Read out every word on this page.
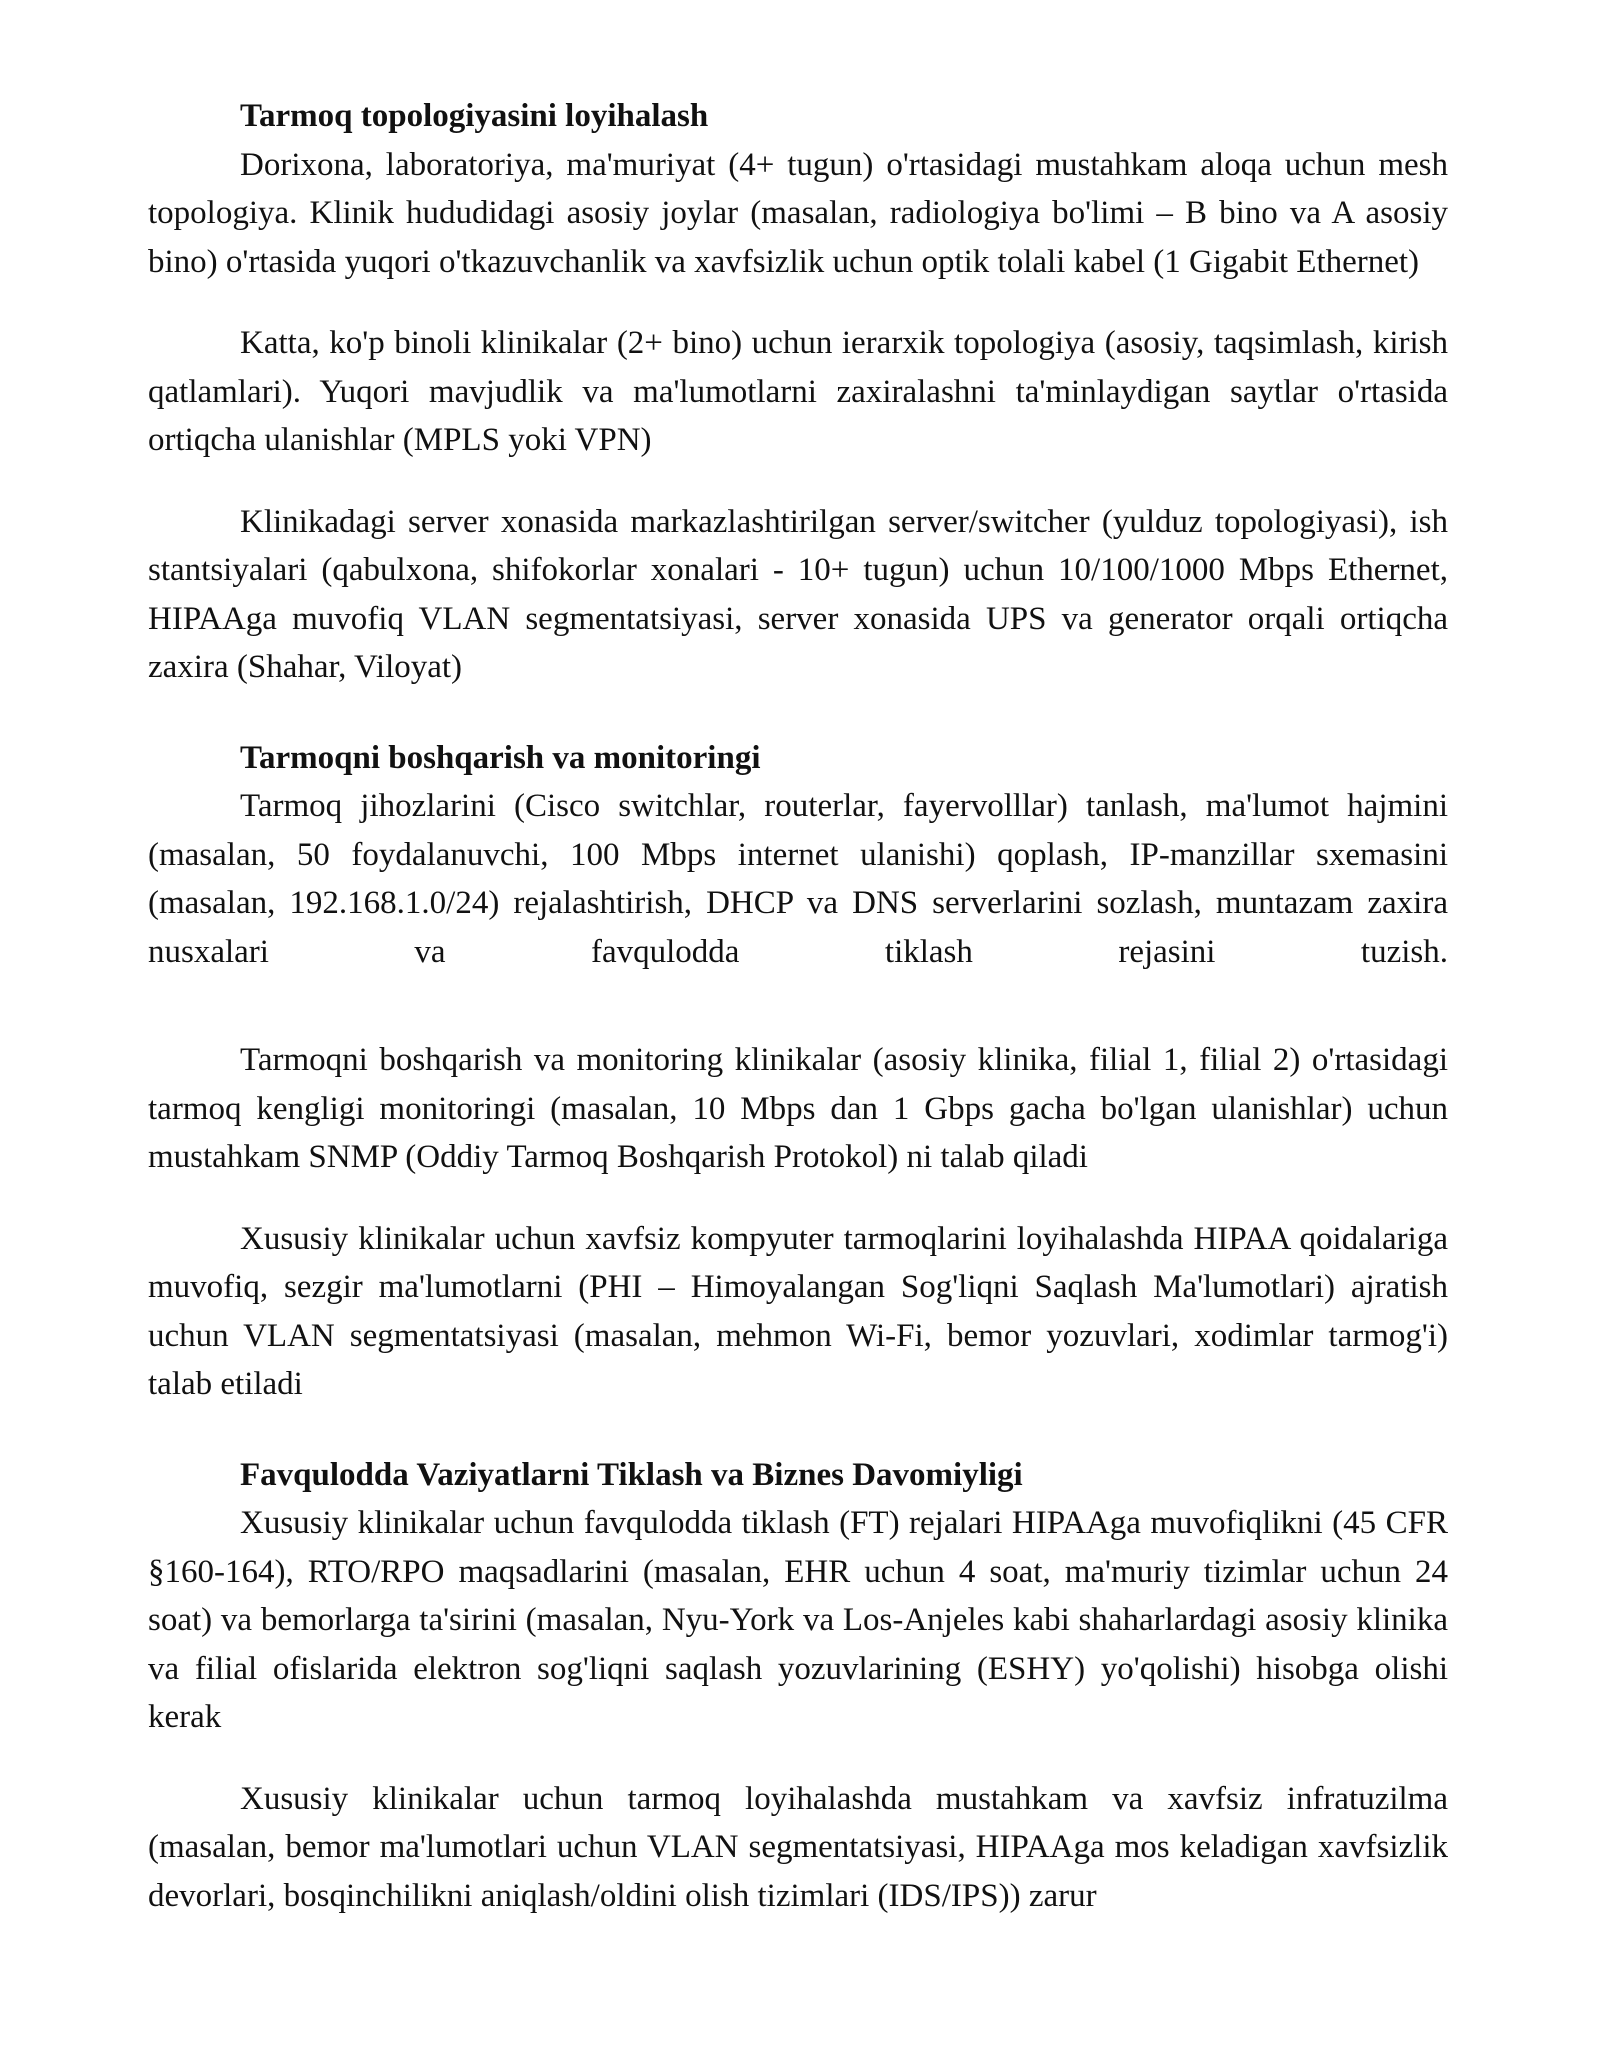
Tarmoq topologiyasini loyihalash

Dorixona, laboratoriya, ma'muriyat (4+ tugun) o'rtasidagi mustahkam aloqa uchun mesh topologiya. Klinik hududidagi asosiy joylar (masalan, radiologiya bo'limi – B bino va A asosiy bino) o'rtasida yuqori o'tkazuvchanlik va xavfsizlik uchun optik tolali kabel (1 Gigabit Ethernet)

Katta, ko'p binoli klinikalar (2+ bino) uchun ierarxik topologiya (asosiy, taqsimlash, kirish qatlamlari). Yuqori mavjudlik va ma'lumotlarni zaxiralashni ta'minlaydigan saytlar o'rtasida ortiqcha ulanishlar (MPLS yoki VPN)

Klinikadagi server xonasida markazlashtirilgan server/switcher (yulduz topologiyasi), ish stantsiyalari (qabulxona, shifokorlar xonalari - 10+ tugun) uchun 10/100/1000 Mbps Ethernet, HIPAAga muvofiq VLAN segmentatsiyasi, server xonasida UPS va generator orqali ortiqcha zaxira (Shahar, Viloyat)

Tarmoqni boshqarish va monitoringi

Tarmoq jihozlarini (Cisco switchlar, routerlar, fayervolllar) tanlash, ma'lumot hajmini (masalan, 50 foydalanuvchi, 100 Mbps internet ulanishi) qoplash, IP-manzillar sxemasini (masalan, 192.168.1.0/24) rejalashtirish, DHCP va DNS serverlarini sozlash, muntazam zaxira nusxalari va favqulodda tiklash rejasini tuzish.

Tarmoqni boshqarish va monitoring klinikalar (asosiy klinika, filial 1, filial 2) o'rtasidagi tarmoq kengligi monitoringi (masalan, 10 Mbps dan 1 Gbps gacha bo'lgan ulanishlar) uchun mustahkam SNMP (Oddiy Tarmoq Boshqarish Protokol) ni talab qiladi

Xususiy klinikalar uchun xavfsiz kompyuter tarmoqlarini loyihalashda HIPAA qoidalariga muvofiq, sezgir ma'lumotlarni (PHI – Himoyalangan Sog'liqni Saqlash Ma'lumotlari) ajratish uchun VLAN segmentatsiyasi (masalan, mehmon Wi-Fi, bemor yozuvlari, xodimlar tarmog'i) talab etiladi

Favqulodda Vaziyatlarni Tiklash va Biznes Davomiyligi

Xususiy klinikalar uchun favqulodda tiklash (FT) rejalari HIPAAga muvofiqlikni (45 CFR §160-164), RTO/RPO maqsadlarini (masalan, EHR uchun 4 soat, ma'muriy tizimlar uchun 24 soat) va bemorlarga ta'sirini (masalan, Nyu-York va Los-Anjeles kabi shaharlardagi asosiy klinika va filial ofislarida elektron sog'liqni saqlash yozuvlarining (ESHY) yo'qolishi) hisobga olishi kerak

Xususiy klinikalar uchun tarmoq loyihalashda mustahkam va xavfsiz infratuzilma (masalan, bemor ma'lumotlari uchun VLAN segmentatsiyasi, HIPAAga mos keladigan xavfsizlik devorlari, bosqinchilikni aniqlash/oldini olish tizimlari (IDS/IPS)) zarur
